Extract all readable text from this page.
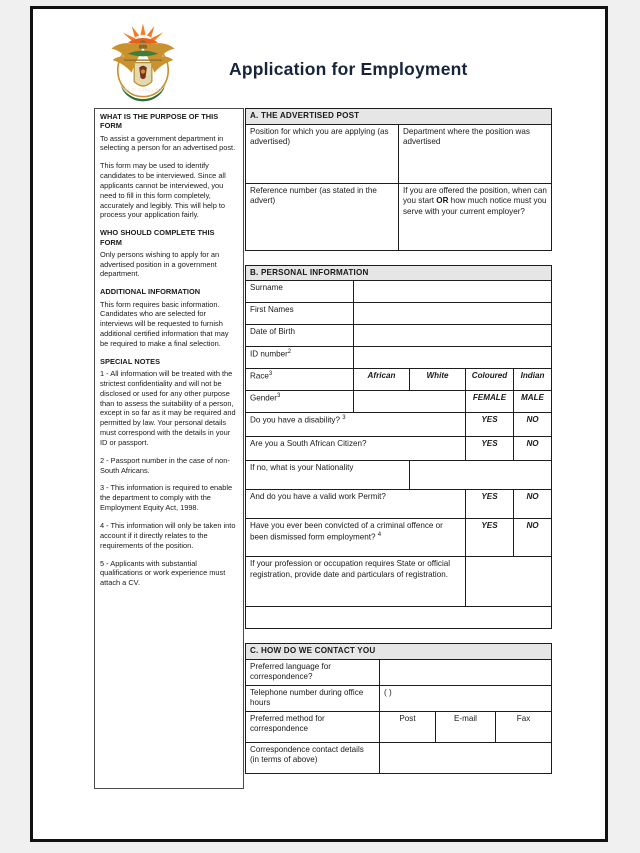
!KE E: /XARRA //KE
Application for Employment
WHAT IS THE PURPOSE OF THIS FORM
To assist a government department in selecting a person for an advertised post.
This form may be used to identify candidates to be interviewed. Since all applicants cannot be interviewed, you need to fill in this form completely, accurately and legibly. This will help to process your application fairly.
WHO SHOULD COMPLETE THIS FORM
Only persons wishing to apply for an advertised position in a government department.
ADDITIONAL INFORMATION
This form requires basic information. Candidates who are selected for interviews will be requested to furnish additional certified information that may be required to make a final selection.
SPECIAL NOTES
1 - All information will be treated with the strictest confidentiality and will not be disclosed or used for any other purpose than to assess the suitability of a person, except in so far as it may be required and permitted by law. Your personal details must correspond with the details in your ID or passport.
2 - Passport number in the case of non-South Africans.
3 - This information is required to enable the department to comply with the Employment Equity Act, 1998.
4 - This information will only be taken into account if it directly relates to the requirements of the position.
5 - Applicants with substantial qualifications or work experience must attach a CV.
A. THE ADVERTISED POST	
Position for which you are applying (as advertised)	Department where the position was advertised
Reference number (as stated in the advert)	If you are offered the position, when can you start OR how much notice must you serve with your current employer?
B. PERSONAL INFORMATION				
Surname				
First Names				
Date of Birth				
ID number$^2$	
Race$^3$	African	White	Coloured	Indian
Gender$^3$			FEMALE	MALE
Do you have a disability? $^3$			YES	NO
Are you a South African Citizen?			YES	NO
If no, what is your Nationality				
And do you have a valid work Permit?			YES	NO
Have you ever been convicted of a criminal offence or been dismissed form employment? $^4$			YES	NO
If your profession or occupation requires State or official registration, provide date and particulars of registration.				

C. HOW DO WE CONTACT YOU			
Preferred language for correspondence?			
Telephone number during office hours	( )		
Preferred method for correspondence	Post	E-mail	Fax
Correspondence contact details (in terms of above)			
